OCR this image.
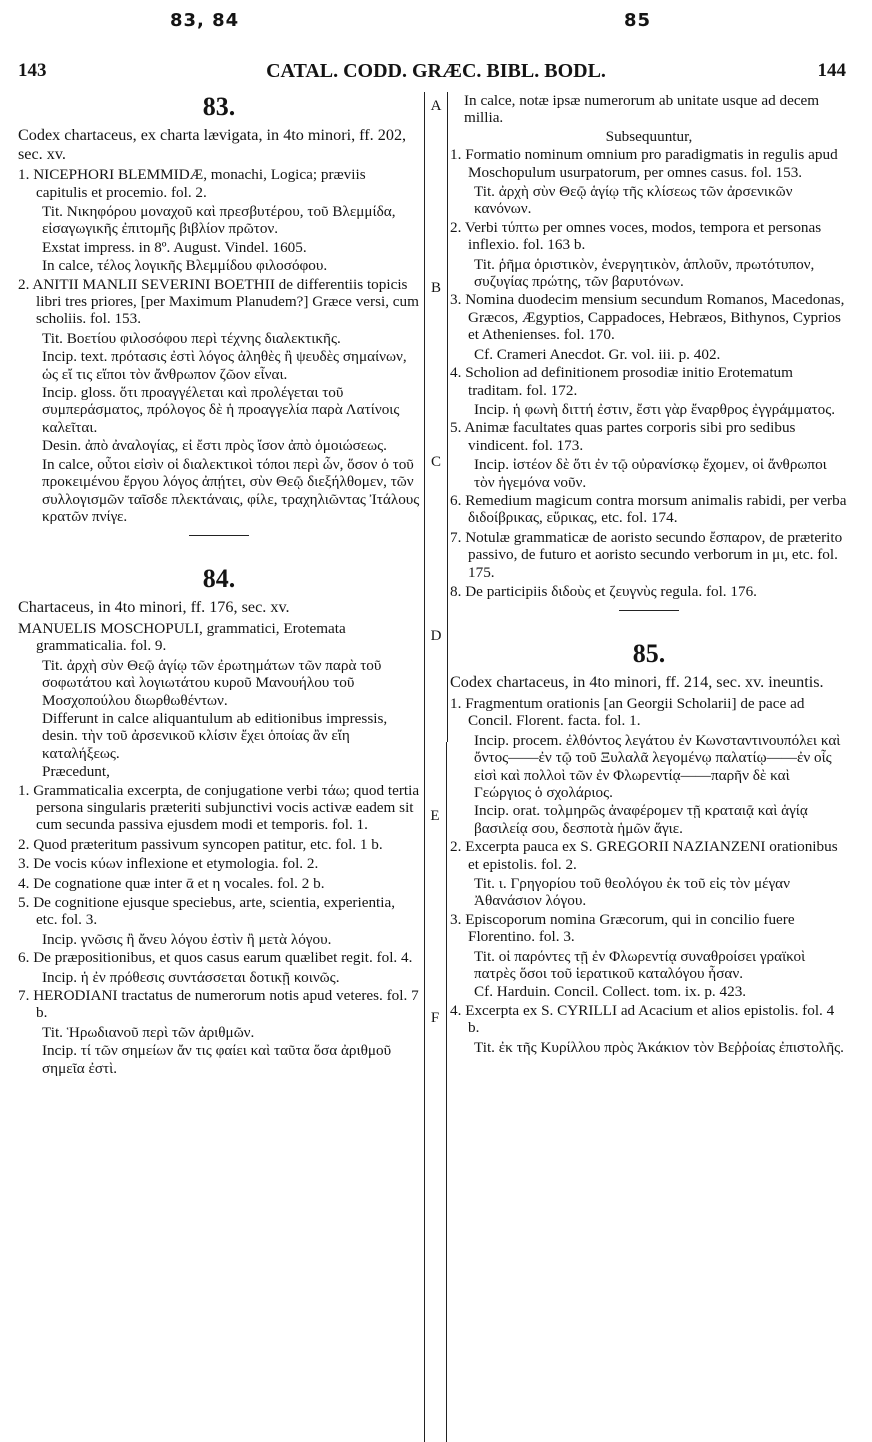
83, 84	85
143	CATAL. CODD. GRÆC. BIBL. BODL.	144
A
B
C
D
E
F
83.

Codex chartaceus, ex charta lævigata, in 4to minori, ff. 202, sec. xv.

1. NICEPHORI BLEMMIDÆ, monachi, Logica; præviis capitulis et procemio. fol. 2.

Tit. Νικηφόρου μοναχοῦ καὶ πρεσβυτέρου, τοῦ Βλεμμίδα, εἰσαγωγικῆς ἐπιτομῆς βιβλίον πρῶτον.

Exstat impress. in 8º. August. Vindel. 1605.

In calce, τέλος λογικῆς Βλεμμίδου φιλοσόφου.

2. ANITII MANLII SEVERINI BOETHII de differentiis topicis libri tres priores, [per Maximum Planudem?] Græce versi, cum scholiis. fol. 153.

Tit. Βοετίου φιλοσόφου περὶ τέχνης διαλεκτικῆς.

Incip. text. πρότασις ἐστὶ λόγος ἀληθὲς ἢ ψευδὲς σημαίνων, ὡς εἴ τις εἴποι τὸν ἄνθρωπον ζῶον εἶναι.

Incip. gloss. ὅτι προαγγέλεται καὶ προλέγεται τοῦ συμπεράσματος, πρόλογος δὲ ἡ προαγγελία παρὰ Λατίνοις καλεῖται.

Desin. ἀπὸ ἀναλογίας, εἰ ἔστι πρὸς ἴσον ἀπὸ ὁμοιώσεως.

In calce, οὗτοι εἰσὶν οἱ διαλεκτικοὶ τόποι περὶ ὧν, ὅσον ὁ τοῦ προκειμένου ἔργου λόγος ἀπῄτει, σὺν Θεῷ διεξήλθομεν, τῶν συλλογισμῶν ταῖσδε πλεκτάναις, φίλε, τραχηλιῶντας Ἰτάλους κρατῶν πνίγε.

84.

Chartaceus, in 4to minori, ff. 176, sec. xv.

MANUELIS MOSCHOPULI, grammatici, Erotemata grammaticalia. fol. 9.

Tit. ἀρχὴ σὺν Θεῷ ἁγίῳ τῶν ἐρωτημάτων τῶν παρὰ τοῦ σοφωτάτου καὶ λογιωτάτου κυροῦ Μανουήλου τοῦ Μοσχοπούλου διωρθωθέντων.

Differunt in calce aliquantulum ab editionibus impressis, desin. τὴν τοῦ ἀρσενικοῦ κλίσιν ἔχει ὁποίας ἂν εἴη καταλήξεως.

Præcedunt,

1. Grammaticalia excerpta, de conjugatione verbi τάω; quod tertia persona singularis præteriti subjunctivi vocis activæ eadem sit cum secunda passiva ejusdem modi et temporis. fol. 1.

2. Quod præteritum passivum syncopen patitur, etc. fol. 1 b.

3. De vocis κύων inflexione et etymologia. fol. 2.

4. De cognatione quæ inter ᾱ et η vocales. fol. 2 b.

5. De cognitione ejusque speciebus, arte, scientia, experientia, etc. fol. 3.

Incip. γνῶσις ἢ ἄνευ λόγου ἐστὶν ἢ μετὰ λόγου.

6. De præpositionibus, et quos casus earum quælibet regit. fol. 4.

Incip. ἡ ἐν πρόθεσις συντάσσεται δοτικῇ κοινῶς.

7. HERODIANI tractatus de numerorum notis apud veteres. fol. 7 b.

Tit. Ἡρωδιανοῦ περὶ τῶν ἀριθμῶν.

Incip. τί τῶν σημείων ἄν τις φαίει καὶ ταῦτα ὅσα ἀριθμοῦ σημεῖα ἐστὶ.

In calce, notæ ipsæ numerorum ab unitate usque ad decem millia.

Subsequuntur,

1. Formatio nominum omnium pro paradigmatis in regulis apud Moschopulum usurpatorum, per omnes casus. fol. 153.

Tit. ἀρχὴ σὺν Θεῷ ἁγίῳ τῆς κλίσεως τῶν ἀρσενικῶν κανόνων.

2. Verbi τύπτω per omnes voces, modos, tempora et personas inflexio. fol. 163 b.

Tit. ῥῆμα ὁριστικὸν, ἐνεργητικὸν, ἁπλοῦν, πρωτότυπον, συζυγίας πρώτης, τῶν βαρυτόνων.

3. Nomina duodecim mensium secundum Romanos, Macedonas, Græcos, Ægyptios, Cappadoces, Hebræos, Bithynos, Cyprios et Athenienses. fol. 170.

Cf. Crameri Anecdot. Gr. vol. iii. p. 402.

4. Scholion ad definitionem prosodiæ initio Erotematum traditam. fol. 172.

Incip. ἡ φωνὴ διττή ἐστιν, ἔστι γὰρ ἔναρθρος ἐγγράμματος.

5. Animæ facultates quas partes corporis sibi pro sedibus vindicent. fol. 173.

Incip. ἰστέον δὲ ὅτι ἐν τῷ οὐρανίσκῳ ἔχομεν, οἱ ἄνθρωποι τὸν ἡγεμόνα νοῦν.

6. Remedium magicum contra morsum animalis rabidi, per verba διδοίβρικας, εὕρικας, etc. fol. 174.

7. Notulæ grammaticæ de aoristo secundo ἔσπαρον, de præterito passivo, de futuro et aoristo secundo verborum in μι, etc. fol. 175.

8. De participiis διδοὺς et ζευγνὺς regula. fol. 176.

85.

Codex chartaceus, in 4to minori, ff. 214, sec. xv. ineuntis.

1. Fragmentum orationis [an Georgii Scholarii] de pace ad Concil. Florent. facta. fol. 1.

Incip. procem. ἐλθόντος λεγάτου ἐν Κωνσταντινουπόλει καὶ ὄντος——ἐν τῷ τοῦ Ξυλαλᾶ λεγομένῳ παλατίῳ——ἐν οἷς εἰσὶ καὶ πολλοὶ τῶν ἐν Φλωρεντίᾳ——παρῆν δὲ καὶ Γεώργιος ὁ σχολάριος.

Incip. orat. τολμηρῶς ἀναφέρομεν τῇ κραταιᾷ καὶ ἁγίᾳ βασιλείᾳ σου, δεσποτὰ ἡμῶν ἅγιε.

2. Excerpta pauca ex S. GREGORII NAZIANZENI orationibus et epistolis. fol. 2.

Tit. ι. Γρηγορίου τοῦ θεολόγου ἐκ τοῦ εἰς τὸν μέγαν Ἀθανάσιον λόγου.

3. Episcoporum nomina Græcorum, qui in concilio fuere Florentino. fol. 3.

Tit. οἱ παρόντες τῇ ἐν Φλωρεντίᾳ συναθροίσει γραϊκοὶ πατρὲς ὅσοι τοῦ ἱερατικοῦ καταλόγου ἦσαν.

Cf. Harduin. Concil. Collect. tom. ix. p. 423.

4. Excerpta ex S. CYRILLI ad Acacium et alios epistolis. fol. 4 b.

Tit. ἐκ τῆς Κυρίλλου πρὸς Ἀκάκιον τὸν Βεῤῥοίας ἐπιστολῆς.
